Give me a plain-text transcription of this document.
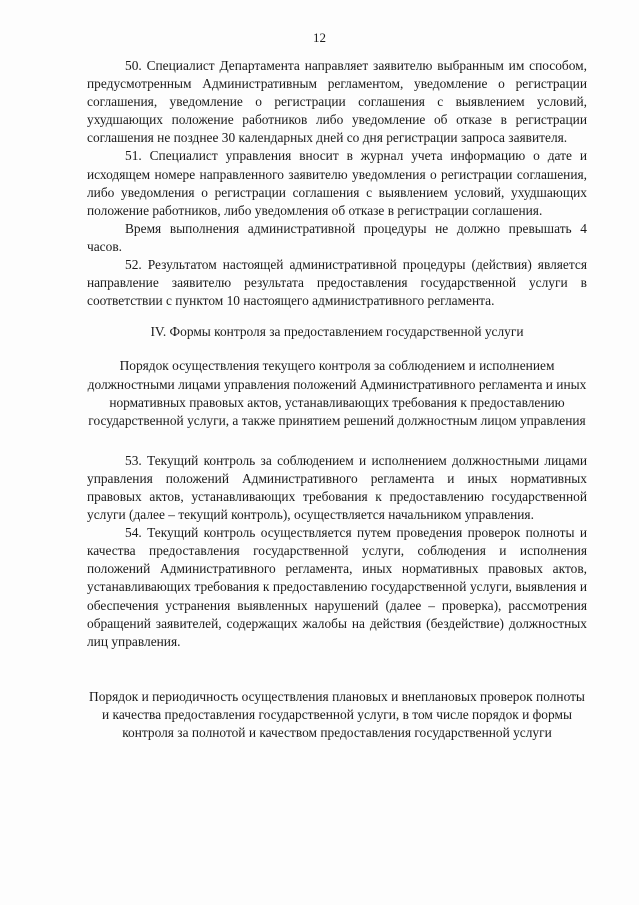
12

50. Специалист Департамента направляет заявителю выбранным им способом, предусмотренным Административным регламентом, уведомление о регистрации соглашения, уведомление о регистрации соглашения с выявлением условий, ухудшающих положение работников либо уведомление об отказе в регистрации соглашения не позднее 30 календарных дней со дня регистрации запроса заявителя.

51. Специалист управления вносит в журнал учета информацию о дате и исходящем номере направленного заявителю уведомления о регистрации соглашения, либо уведомления о регистрации соглашения с выявлением условий, ухудшающих положение работников, либо уведомления об отказе в регистрации соглашения.

Время выполнения административной процедуры не должно превышать 4 часов.

52. Результатом настоящей административной процедуры (действия) является направление заявителю результата предоставления государственной услуги в соответствии с пунктом 10 настоящего административного регламента.

IV. Формы контроля за предоставлением государственной услуги

Порядок осуществления текущего контроля за соблюдением и исполнением должностными лицами управления положений Административного регламента и иных нормативных правовых актов, устанавливающих требования к предоставлению государственной услуги, а также принятием решений должностным лицом управления

53. Текущий контроль за соблюдением и исполнением должностными лицами управления положений Административного регламента и иных нормативных правовых актов, устанавливающих требования к предоставлению государственной услуги (далее – текущий контроль), осуществляется начальником управления.

54. Текущий контроль осуществляется путем проведения проверок полноты и качества предоставления государственной услуги, соблюдения и исполнения положений Административного регламента, иных нормативных правовых актов, устанавливающих требования к предоставлению государственной услуги, выявления и обеспечения устранения выявленных нарушений (далее – проверка), рассмотрения обращений заявителей, содержащих жалобы на действия (бездействие) должностных лиц управления.

Порядок и периодичность осуществления плановых и внеплановых проверок полноты и качества предоставления государственной услуги, в том числе порядок и формы контроля за полнотой и качеством предоставления государственной услуги
